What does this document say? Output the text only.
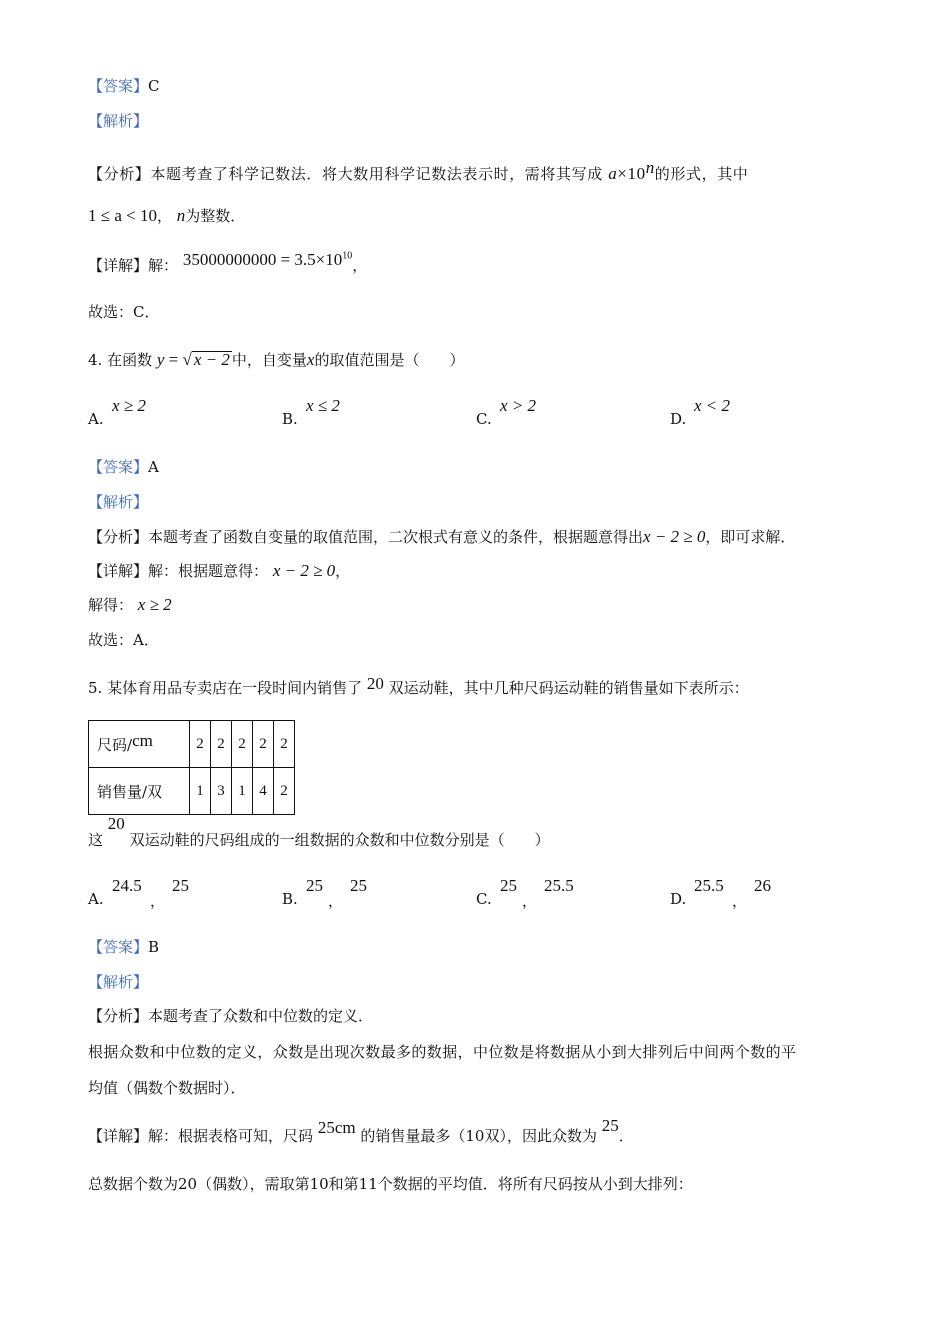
【答案】C
【解析】
【分析】本题考查了科学记数法．将大数用科学记数法表示时，需将其写成 $a\times 10^n$的形式，其中
1 ≤ a < 10， n为整数．
【详解】解： $35000000000 = 3.5\times 10^{10}$，
故选：C．
4. 在函数 y = √ x − 2 中，自变量x的取值范围是（　　）
A.
x ≥ 2
B.
x ≤ 2
C.
x > 2
D.
x < 2
【答案】A
【解析】
【分析】本题考查了函数自变量的取值范围，二次根式有意义的条件，根据题意得出x − 2 ≥ 0，即可求解．
【详解】解：根据题意得： x − 2 ≥ 0，
解得： x ≥ 2
故选：A．
5. 某体育用品专卖店在一段时间内销售了 20 双运动鞋，其中几种尺码运动鞋的销售量如下表所示：
尺码/cm	2	2	2	2	2
销售量/双	1	3	1	4	2
这 20 双运动鞋的尺码组成的一组数据的众数和中位数分别是（　　）
A.
24.5
，
25
B.
25
，
25
C.
25
，
25.5
D.
25.5
，
26
【答案】B
【解析】
【分析】本题考查了众数和中位数的定义．
根据众数和中位数的定义，众数是出现次数最多的数据，中位数是将数据从小到大排列后中间两个数的平
均值（偶数个数据时）．
【详解】解：根据表格可知，尺码 25cm 的销售量最多（10双），因此众数为 25．
总数据个数为20（偶数），需取第10和第11个数据的平均值．将所有尺码按从小到大排列：
